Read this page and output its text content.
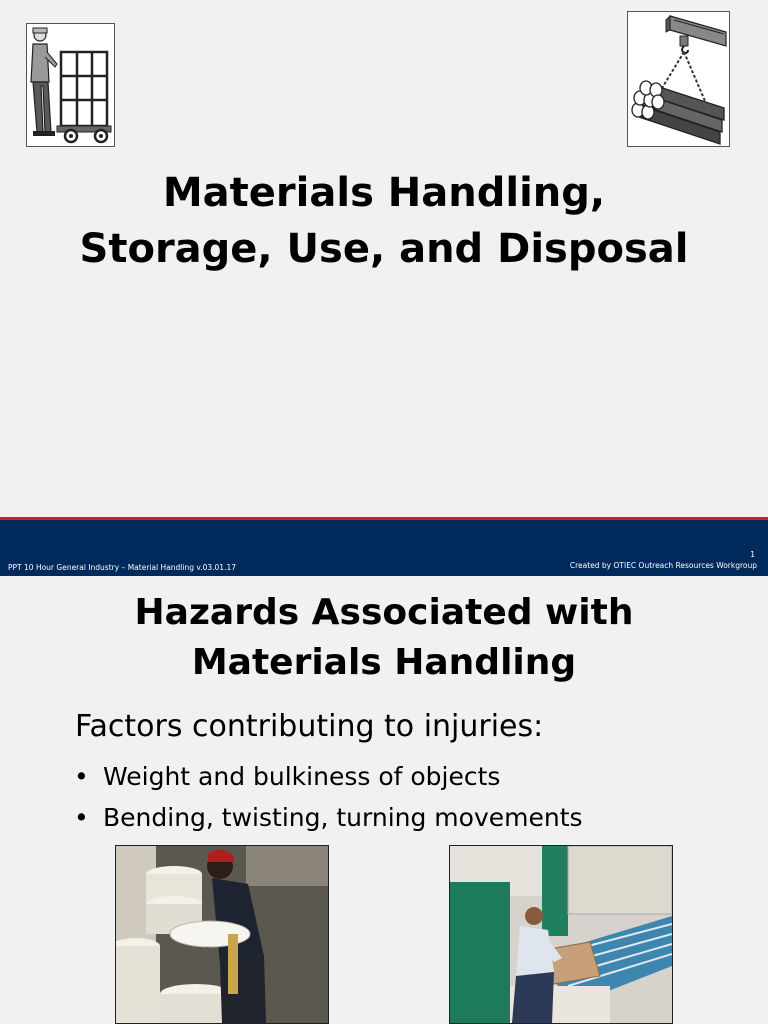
Materials Handling,
Storage, Use, and Disposal
1
PPT 10 Hour General Industry – Material Handling v.03.01.17	Created by OTIEC Outreach Resources Workgroup
Hazards Associated with
Materials Handling
Factors contributing to injuries:
• Weight and bulkiness of objects
• Bending, twisting, turning movements
